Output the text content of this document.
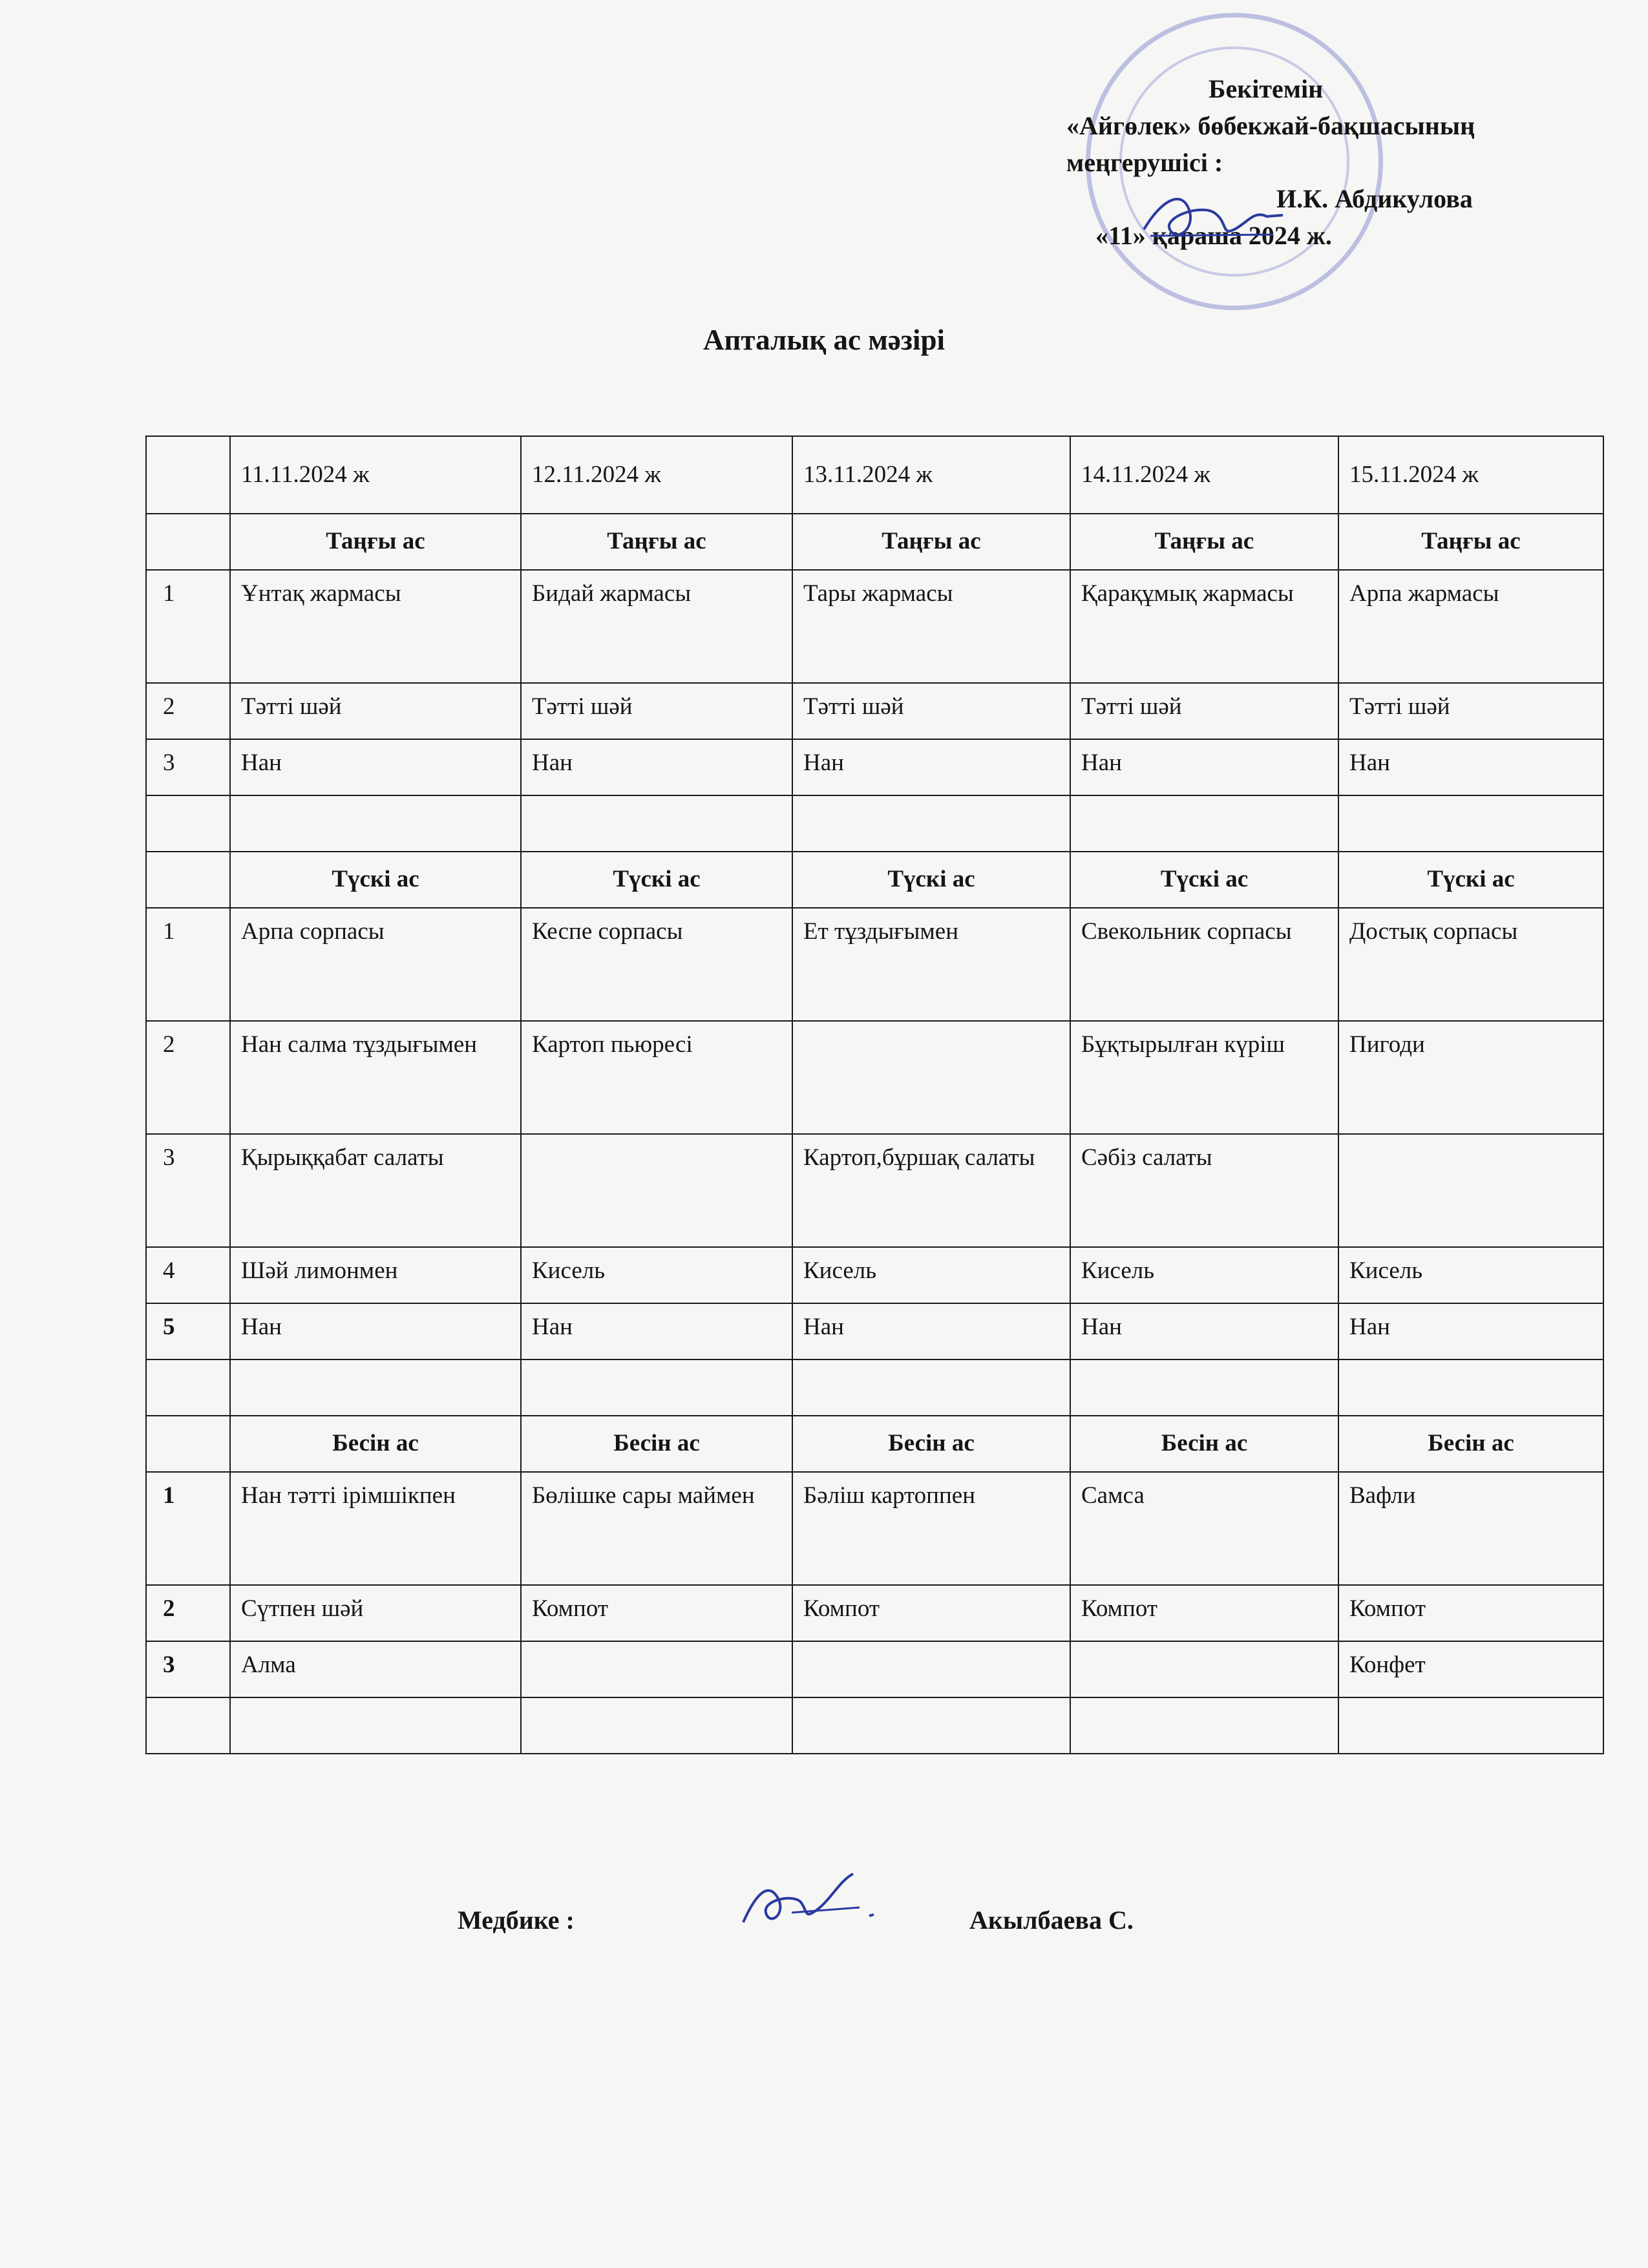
Бекітемін
«Айгөлек» бөбекжай-бақшасының
меңгерушісі :
И.К. Абдикулова
«11» қараша 2024 ж.
Апталық ас мәзірі
	11.11.2024 ж	12.11.2024 ж	13.11.2024 ж	14.11.2024 ж	15.11.2024 ж
	Таңғы ас	Таңғы ас	Таңғы ас	Таңғы ас	Таңғы ас
1	Ұнтақ жармасы	Бидай жармасы	Тары жармасы	Қарақұмық жармасы	Арпа жармасы
2	Тәтті шәй	Тәтті шәй	Тәтті шәй	Тәтті шәй	Тәтті шәй
3	Нан	Нан	Нан	Нан	Нан

	Түскі ас	Түскі ас	Түскі ас	Түскі ас	Түскі ас
1	Арпа сорпасы	Кеспе сорпасы	Ет тұздығымен	Свекольник сорпасы	Достық сорпасы
2	Нан салма тұздығымен	Картоп пьюресі		Бұқтырылған күріш	Пигоди
3	Қырыққабат салаты		Картоп,бұршақ салаты	Сәбіз салаты	
4	Шәй лимонмен	Кисель	Кисель	Кисель	Кисель
5	Нан	Нан	Нан	Нан	Нан

	Бесін ас	Бесін ас	Бесін ас	Бесін ас	Бесін ас
1	Нан тәтті ірімшікпен	Бөлішке сары маймен	Бәліш картоппен	Самса	Вафли
2	Сүтпен шәй	Компот	Компот	Компот	Компот
3	Алма				Конфет

Медбике :	Акылбаева С.
